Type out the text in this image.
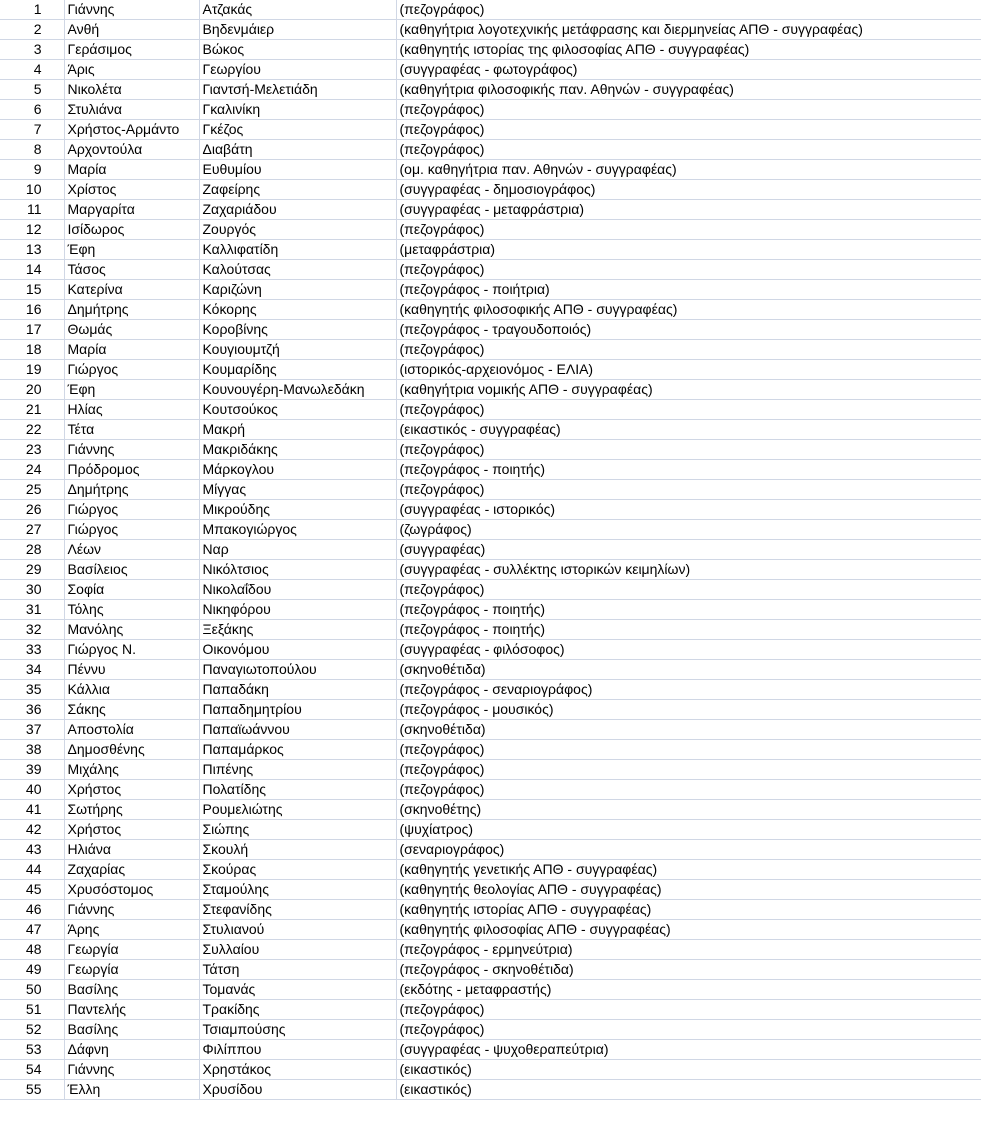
1	Γιάννης	Ατζακάς	(πεζογράφος)
2	Ανθή	Βηδενμάιερ	(καθηγήτρια λογοτεχνικής μετάφρασης και διερμηνείας ΑΠΘ - συγγραφέας)
3	Γεράσιμος	Βώκος	(καθηγητής ιστορίας της φιλοσοφίας ΑΠΘ - συγγραφέας)
4	Άρις	Γεωργίου	(συγγραφέας - φωτογράφος)
5	Νικολέτα	Γιαντσή-Μελετιάδη	(καθηγήτρια φιλοσοφικής παν. Αθηνών - συγγραφέας)
6	Στυλιάνα	Γκαλινίκη	(πεζογράφος)
7	Χρήστος-Αρμάντο	Γκέζος	(πεζογράφος)
8	Αρχοντούλα	Διαβάτη	(πεζογράφος)
9	Μαρία	Ευθυμίου	(ομ. καθηγήτρια παν. Αθηνών - συγγραφέας)
10	Χρίστος	Ζαφείρης	(συγγραφέας - δημοσιογράφος)
11	Μαργαρίτα	Ζαχαριάδου	(συγγραφέας - μεταφράστρια)
12	Ισίδωρος	Ζουργός	(πεζογράφος)
13	Έφη	Καλλιφατίδη	(μεταφράστρια)
14	Τάσος	Καλούτσας	(πεζογράφος)
15	Κατερίνα	Καριζώνη	(πεζογράφος - ποιήτρια)
16	Δημήτρης	Κόκορης	(καθηγητής φιλοσοφικής ΑΠΘ - συγγραφέας)
17	Θωμάς	Κοροβίνης	(πεζογράφος - τραγουδοποιός)
18	Μαρία	Κουγιουμτζή	(πεζογράφος)
19	Γιώργος	Κουμαρίδης	(ιστορικός-αρχειονόμος - ΕΛΙΑ)
20	Έφη	Κουνουγέρη-Μανωλεδάκη	(καθηγήτρια νομικής ΑΠΘ - συγγραφέας)
21	Ηλίας	Κουτσούκος	(πεζογράφος)
22	Τέτα	Μακρή	(εικαστικός - συγγραφέας)
23	Γιάννης	Μακριδάκης	(πεζογράφος)
24	Πρόδρομος	Μάρκογλου	(πεζογράφος - ποιητής)
25	Δημήτρης	Μίγγας	(πεζογράφος)
26	Γιώργος	Μικρούδης	(συγγραφέας - ιστορικός)
27	Γιώργος	Μπακογιώργος	(ζωγράφος)
28	Λέων	Ναρ	(συγγραφέας)
29	Βασίλειος	Νικόλτσιος	(συγγραφέας - συλλέκτης ιστορικών κειμηλίων)
30	Σοφία	Νικολαΐδου	(πεζογράφος)
31	Τόλης	Νικηφόρου	(πεζογράφος - ποιητής)
32	Μανόλης	Ξεξάκης	(πεζογράφος - ποιητής)
33	Γιώργος Ν.	Οικονόμου	(συγγραφέας - φιλόσοφος)
34	Πέννυ	Παναγιωτοπούλου	(σκηνοθέτιδα)
35	Κάλλια	Παπαδάκη	(πεζογράφος - σεναριογράφος)
36	Σάκης	Παπαδημητρίου	(πεζογράφος - μουσικός)
37	Αποστολία	Παπαϊωάννου	(σκηνοθέτιδα)
38	Δημοσθένης	Παπαμάρκος	(πεζογράφος)
39	Μιχάλης	Πιπένης	(πεζογράφος)
40	Χρήστος	Πολατίδης	(πεζογράφος)
41	Σωτήρης	Ρουμελιώτης	(σκηνοθέτης)
42	Χρήστος	Σιώπης	(ψυχίατρος)
43	Ηλιάνα	Σκουλή	(σεναριογράφος)
44	Ζαχαρίας	Σκούρας	(καθηγητής γενετικής ΑΠΘ - συγγραφέας)
45	Χρυσόστομος	Σταμούλης	(καθηγητής θεολογίας ΑΠΘ - συγγραφέας)
46	Γιάννης	Στεφανίδης	(καθηγητής ιστορίας ΑΠΘ - συγγραφέας)
47	Άρης	Στυλιανού	(καθηγητής φιλοσοφίας ΑΠΘ - συγγραφέας)
48	Γεωργία	Συλλαίου	(πεζογράφος - ερμηνεύτρια)
49	Γεωργία	Τάτση	(πεζογράφος - σκηνοθέτιδα)
50	Βασίλης	Τομανάς	(εκδότης - μεταφραστής)
51	Παντελής	Τρακίδης	(πεζογράφος)
52	Βασίλης	Τσιαμπούσης	(πεζογράφος)
53	Δάφνη	Φιλίππου	(συγγραφέας - ψυχοθεραπεύτρια)
54	Γιάννης	Χρηστάκος	(εικαστικός)
55	Έλλη	Χρυσίδου	(εικαστικός)
